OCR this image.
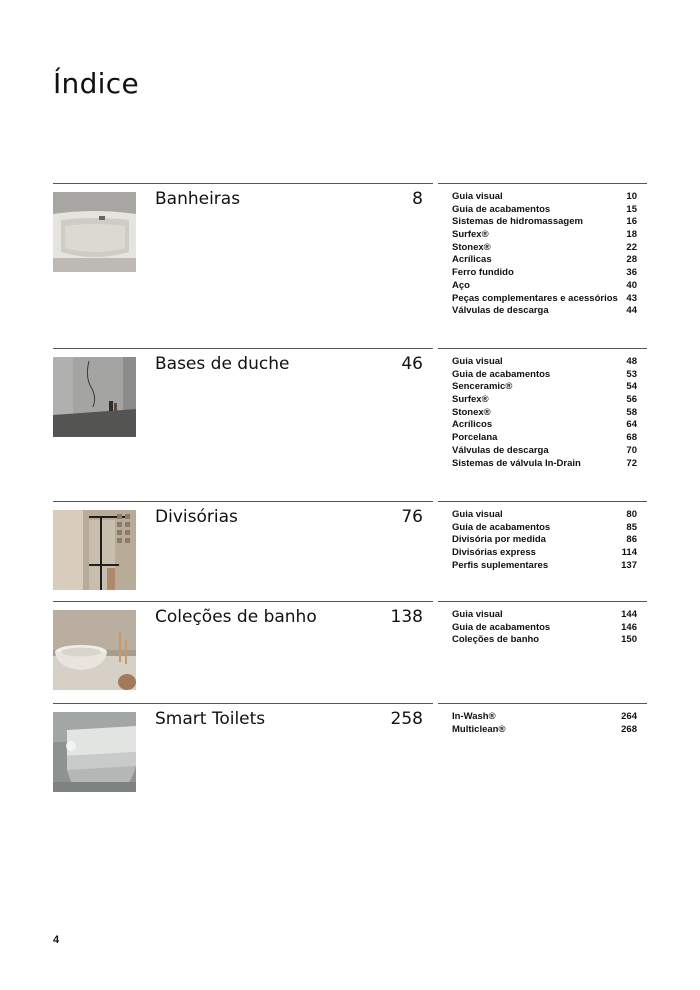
Índice
Banheiras	8	Guia visual	10
Guia de acabamentos	15
Sistemas de hidromassagem	16
Surfex®	18
Stonex®	22
Acrílicas	28
Ferro fundido	36
Aço	40
Peças complementares e acessórios 43
Válvulas de descarga	44
Bases de duche	46	Guia visual	48
Guia de acabamentos	53
Senceramic®	54
Surfex®	56
Stonex®	58
Acrílicos	64
Porcelana	68
Válvulas de descarga	70
Sistemas de válvula In-Drain	72
Divisórias	76	Guia visual	80
Guia de acabamentos	85
Divisória por medida	86
Divisórias express	114
Perfis suplementares	137
Coleções de banho	138	Guia visual	144
Guia de acabamentos	146
Coleções de banho	150
Smart Toilets	258	In-Wash®	264
Multiclean®	268
4
